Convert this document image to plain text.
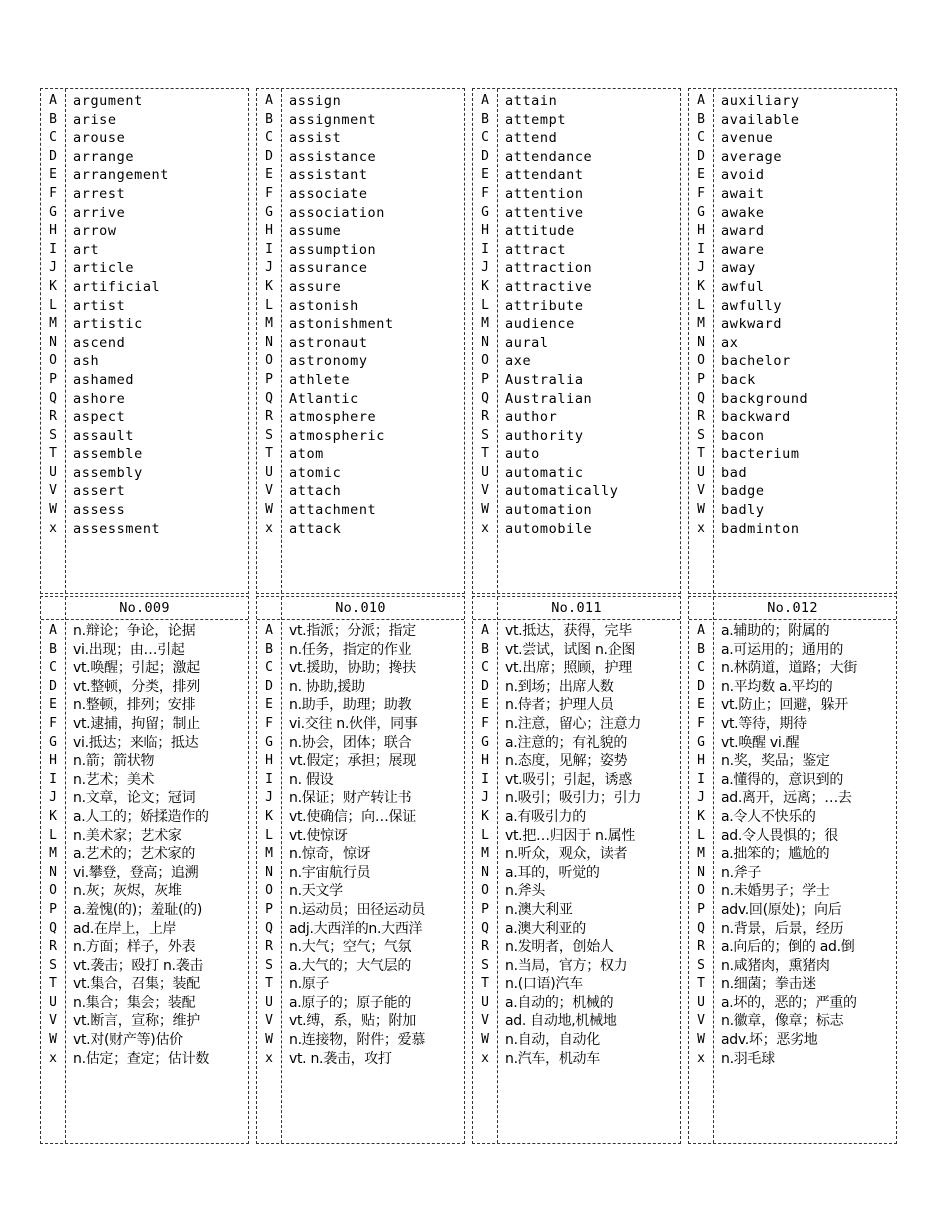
A	argument
B	arise
C	arouse
D	arrange
E	arrangement
F	arrest
G	arrive
H	arrow
I	art
J	article
K	artificial
L	artist
M	artistic
N	ascend
O	ash
P	ashamed
Q	ashore
R	aspect
S	assault
T	assemble
U	assembly
V	assert
W	assess
x	assessment
No.009
A	n.辩论；争论，论据
B	vi.出现；由…引起
C	vt.唤醒；引起；激起
D	vt.整顿，分类，排列
E	n.整顿，排列；安排
F	vt.逮捕，拘留；制止
G	vi.抵达；来临；抵达
H	n.箭；箭状物
I	n.艺术；美术
J	n.文章，论文；冠词
K	a.人工的；娇揉造作的
L	n.美术家；艺术家
M	a.艺术的；艺术家的
N	vi.攀登，登高；追溯
O	n.灰；灰烬，灰堆
P	a.羞愧(的)；羞耻(的)
Q	ad.在岸上，上岸
R	n.方面；样子，外表
S	vt.袭击；殴打 n.袭击
T	vt.集合，召集；装配
U	n.集合；集会；装配
V	vt.断言，宣称；维护
W	vt.对(财产等)估价
x	n.估定；查定；估计数
A	assign
B	assignment
C	assist
D	assistance
E	assistant
F	associate
G	association
H	assume
I	assumption
J	assurance
K	assure
L	astonish
M	astonishment
N	astronaut
O	astronomy
P	athlete
Q	Atlantic
R	atmosphere
S	atmospheric
T	atom
U	atomic
V	attach
W	attachment
x	attack
No.010
A	vt.指派；分派；指定
B	n.任务，指定的作业
C	vt.援助，协助；搀扶
D	n. 协助,援助
E	n.助手，助理；助教
F	vi.交往 n.伙伴，同事
G	n.协会，团体；联合
H	vt.假定；承担；展现
I	n. 假设
J	n.保证；财产转让书
K	vt.使确信；向…保证
L	vt.使惊讶
M	n.惊奇，惊讶
N	n.宇宙航行员
O	n.天文学
P	n.运动员；田径运动员
Q	adj.大西洋的n.大西洋
R	n.大气；空气；气氛
S	a.大气的；大气层的
T	n.原子
U	a.原子的；原子能的
V	vt.缚，系，贴；附加
W	n.连接物，附件；爱慕
x	vt. n.袭击，攻打
A	attain
B	attempt
C	attend
D	attendance
E	attendant
F	attention
G	attentive
H	attitude
I	attract
J	attraction
K	attractive
L	attribute
M	audience
N	aural
O	axe
P	Australia
Q	Australian
R	author
S	authority
T	auto
U	automatic
V	automatically
W	automation
x	automobile
No.011
A	vt.抵达，获得，完毕
B	vt.尝试，试图 n.企图
C	vt.出席；照顾，护理
D	n.到场；出席人数
E	n.侍者；护理人员
F	n.注意，留心；注意力
G	a.注意的；有礼貌的
H	n.态度，见解；姿势
I	vt.吸引；引起，诱惑
J	n.吸引；吸引力；引力
K	a.有吸引力的
L	vt.把…归因于 n.属性
M	n.听众，观众，读者
N	a.耳的，听觉的
O	n.斧头
P	n.澳大利亚
Q	a.澳大利亚的
R	n.发明者，创始人
S	n.当局，官方；权力
T	n.(口语)汽车
U	a.自动的；机械的
V	ad. 自动地,机械地
W	n.自动，自动化
x	n.汽车，机动车
A	auxiliary
B	available
C	avenue
D	average
E	avoid
F	await
G	awake
H	award
I	aware
J	away
K	awful
L	awfully
M	awkward
N	ax
O	bachelor
P	back
Q	background
R	backward
S	bacon
T	bacterium
U	bad
V	badge
W	badly
x	badminton
No.012
A	a.辅助的；附属的
B	a.可运用的；通用的
C	n.林荫道，道路；大街
D	n.平均数 a.平均的
E	vt.防止；回避，躲开
F	vt.等待，期待
G	vt.唤醒 vi.醒
H	n.奖，奖品；鉴定
I	a.懂得的，意识到的
J	ad.离开，远离；…去
K	a.令人不快乐的
L	ad.令人畏惧的；很
M	a.拙笨的；尴尬的
N	n.斧子
O	n.未婚男子；学士
P	adv.回(原处)；向后
Q	n.背景，后景，经历
R	a.向后的；倒的 ad.倒
S	n.咸猪肉，熏猪肉
T	n.细菌；拳击迷
U	a.坏的，恶的；严重的
V	n.徽章，像章；标志
W	adv.坏；恶劣地
x	n.羽毛球
